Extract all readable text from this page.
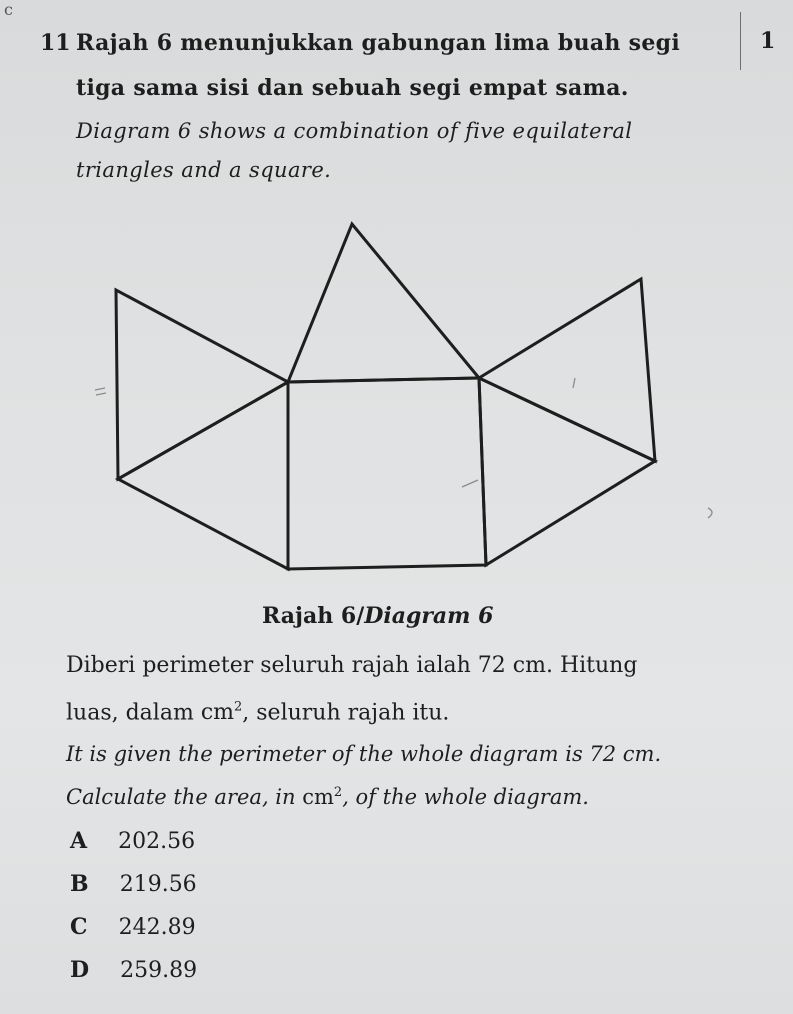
c
11	1
Rajah 6 menunjukkan gabungan lima buah segi
tiga sama sisi dan sebuah segi empat sama.
Diagram 6 shows a combination of five equilateral
triangles and a square.
Rajah 6/Diagram 6
Diberi perimeter seluruh rajah ialah 72 cm. Hitung
luas, dalam $cm^2$, seluruh rajah itu.
It is given the perimeter of the whole diagram is 72 cm.
Calculate the area, in $cm^2$, of the whole diagram.
A 202.56
B 219.56
C 242.89
D 259.89
